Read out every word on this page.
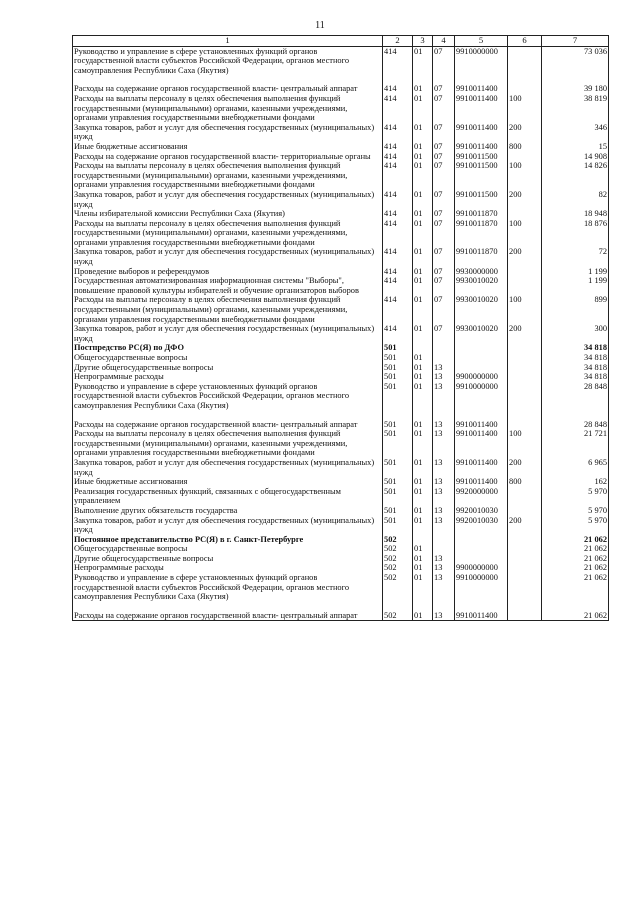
11
1	2	3	4	5	6	7
Руководство и управление в сфере установленных функций органов государственной власти субъектов Российской Федерации, органов местного самоуправления Республики Саха (Якутия)	414	01	07	9910000000		73 036
Расходы на содержание органов государственной власти- центральный аппарат	414	01	07	9910011400		39 180
Расходы на выплаты персоналу в целях обеспечения выполнения функций государственными (муниципальными) органами, казенными учреждениями, органами управления государственными внебюджетными фондами	414	01	07	9910011400	100	38 819
Закупка товаров, работ и услуг для обеспечения государственных (муниципальных) нужд	414	01	07	9910011400	200	346
Иные бюджетные ассигнования	414	01	07	9910011400	800	15
Расходы на содержание органов государственной власти- территориальные органы	414	01	07	9910011500		14 908
Расходы на выплаты персоналу в целях обеспечения выполнения функций государственными (муниципальными) органами, казенными учреждениями, органами управления государственными внебюджетными фондами	414	01	07	9910011500	100	14 826
Закупка товаров, работ и услуг для обеспечения государственных (муниципальных) нужд	414	01	07	9910011500	200	82
Члены избирательной комиссии Республики Саха (Якутия)	414	01	07	9910011870		18 948
Расходы на выплаты персоналу в целях обеспечения выполнения функций государственными (муниципальными) органами, казенными учреждениями, органами управления государственными внебюджетными фондами	414	01	07	9910011870	100	18 876
Закупка товаров, работ и услуг для обеспечения государственных (муниципальных) нужд	414	01	07	9910011870	200	72
Проведение выборов и референдумов	414	01	07	9930000000		1 199
Государственная автоматизированная информационная системы "Выборы", повышение правовой культуры избирателей и обучение организаторов выборов	414	01	07	9930010020		1 199
Расходы на выплаты персоналу в целях обеспечения выполнения функций государственными (муниципальными) органами, казенными учреждениями, органами управления государственными внебюджетными фондами	414	01	07	9930010020	100	899
Закупка товаров, работ и услуг для обеспечения государственных (муниципальных) нужд	414	01	07	9930010020	200	300
Постпредство РС(Я) по ДФО	501					34 818
Общегосударственные вопросы	501	01				34 818
Другие общегосударственные вопросы	501	01	13			34 818
Непрограммные расходы	501	01	13	9900000000		34 818
Руководство и управление в сфере установленных функций органов государственной власти субъектов Российской Федерации, органов местного самоуправления Республики Саха (Якутия)	501	01	13	9910000000		28 848
Расходы на содержание органов государственной власти- центральный аппарат	501	01	13	9910011400		28 848
Расходы на выплаты персоналу в целях обеспечения выполнения функций государственными (муниципальными) органами, казенными учреждениями, органами управления государственными внебюджетными фондами	501	01	13	9910011400	100	21 721
Закупка товаров, работ и услуг для обеспечения государственных (муниципальных) нужд	501	01	13	9910011400	200	6 965
Иные бюджетные ассигнования	501	01	13	9910011400	800	162
Реализация государственных функций, связанных с общегосударственным управлением	501	01	13	9920000000		5 970
Выполнение других обязательств государства	501	01	13	9920010030		5 970
Закупка товаров, работ и услуг для обеспечения государственных (муниципальных) нужд	501	01	13	9920010030	200	5 970
Постоянное представительство РС(Я) в г. Санкт-Петербурге	502					21 062
Общегосударственные вопросы	502	01				21 062
Другие общегосударственные вопросы	502	01	13			21 062
Непрограммные расходы	502	01	13	9900000000		21 062
Руководство и управление в сфере установленных функций органов государственной власти субъектов Российской Федерации, органов местного самоуправления Республики Саха (Якутия)	502	01	13	9910000000		21 062
Расходы на содержание органов государственной власти- центральный аппарат	502	01	13	9910011400		21 062
